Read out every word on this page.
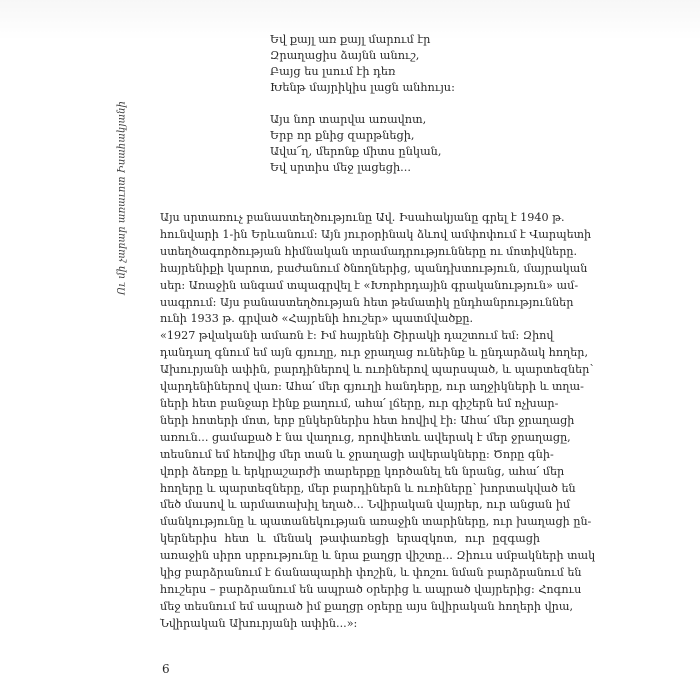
Ու մի չարար առաւոտ Իսահակյանի
Եվ քայլ առ քայլ մարում էր
Զրաղացիս ձայնն անուշ,
Բայց ես լսում էի դեռ
Խենթ մայրիկիս լացն անհույս:
Այս նոր տարվա առավոտ,
Երբ որ քնից զարթնեցի,
Ավա՜ղ, մերոնք միտս ընկան,
Եվ սրտիս մեջ լացեցի...
Այս սրտառուչ բանաստեղծությունը Ավ. Իսահակյանը գրել է 1940 թ.
հունվարի 1-ին Երևանում: Այն յուրօրինակ ձևով ամփոփում է Վարպետի
ստեղծագործության հիմնական տրամադրությունները ու մոտիվները.
հայրենիքի կարոտ, բաժանում ծնողներից, պանդխտություն, մայրական
սեր: Առաջին անգամ տպագրվել է «Խորհրդային գրականություն» ամ-
սագրում: Այս բանաստեղծության հետ թեմատիկ ընդհանրություններ
ունի 1933 թ. գրված «Հայրենի հուշեր» պատմվածքը.
«1927 թվականի ամառն է: Իմ հայրենի Շիրակի դաշտում եմ: Զիով
դանդաղ գնում եմ այն գյուղը, ուր ջրաղաց ունեինք և ընդարձակ հողեր,
Ախուրյանի ափին, բարդիներով և ուռիներով պարսպած, և պարտեզներ՝
վարդենիներով վառ: Ահա՛ մեր գյուղի հանդերը, ուր աղջիկների և տղա-
ների հետ բանջար էինք քաղում, ահա՛ լճերը, ուր գիշերն եմ ոչխար-
ների հոտերի մոտ, երբ ընկերներիս հետ հովիվ էի: Ահա՛ մեր ջրաղացի
առուն... ցամաքած է նա վաղուց, որովհետև ավերակ է մեր ջրաղացը,
տեսնում եմ հեռվից մեր տան և ջրաղացի ավերակները: Ծորը գնի-
վորի ձեռքը և երկրաշարժի տարերքը կործանել են նրանց, ահա՛ մեր
հողերը և պարտեզները, մեր բարդիներն և ուռիները՝ խորտակված են
մեծ մասով և արմատախիլ եղած... Նվիրական վայրեր, ուր անցան իմ
մանկությունը և պատանեկության առաջին տարիները, ուր խաղացի ըն-
կերներիս հետ և մենակ թափառեցի երազկոտ, ուր ըզգացի
առաջին սիրո սրբությունը և նրա քաղցր վիշտը... Զիուս սմբակների տակ
կից բարձրանում է ճանապարհի փոշին, և փոշու նման բարձրանում են
հուշերս – բարձրանում են ապրած օրերից և ապրած վայրերից: Հոգուս
մեջ տեսնում եմ ապրած իմ քաղցր օրերը այս նվիրական հողերի վրա,
Նվիրական Ախուրյանի ափին...»:
6
